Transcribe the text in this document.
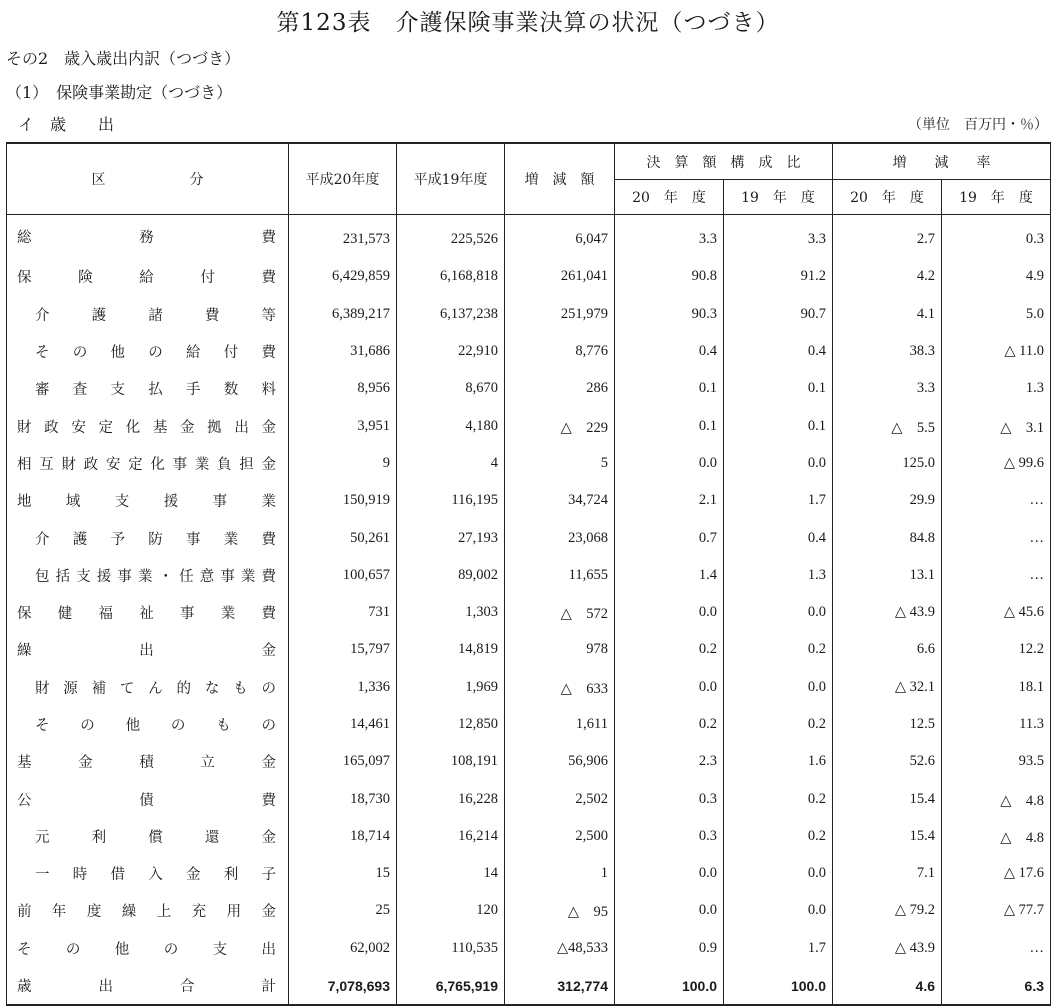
第123表　介護保険事業決算の状況（つづき）
その2　歳入歳出内訳（つづき）
（1）　保険事業勘定（つづき）
イ　歳　　出	（単位　百万円・％）
区　　　　　　分	平成20年度	平成19年度	増　減　額	決　算　額　構　成　比		増　　減　　率	
				20　年　度	19　年　度	20　年　度	19　年　度

総務費	231,573	225,526	6,047	3.3	3.3	2.7	0.3

保険給付費	6,429,859	6,168,818	261,041	90.8	91.2	4.2	4.9

介護諸費等	6,389,217	6,137,238	251,979	90.3	90.7	4.1	5.0

その他の給付費	31,686	22,910	8,776	0.4	0.4	38.3	△ 11.0

審査支払手数料	8,956	8,670	286	0.1	0.1	3.3	1.3

財政安定化基金拠出金	3,951	4,180	△　229	0.1	0.1	△　5.5	△　3.1

相互財政安定化事業負担金	9	4	5	0.0	0.0	125.0	△ 99.6

地域支援事業	150,919	116,195	34,724	2.1	1.7	29.9	…

介護予防事業費	50,261	27,193	23,068	0.7	0.4	84.8	…

包括支援事業・任意事業費	100,657	89,002	11,655	1.4	1.3	13.1	…

保健福祉事業費	731	1,303	△　572	0.0	0.0	△ 43.9	△ 45.6

繰出金	15,797	14,819	978	0.2	0.2	6.6	12.2

財源補てん的なもの	1,336	1,969	△　633	0.0	0.0	△ 32.1	18.1

その他のもの	14,461	12,850	1,611	0.2	0.2	12.5	11.3

基金積立金	165,097	108,191	56,906	2.3	1.6	52.6	93.5

公債費	18,730	16,228	2,502	0.3	0.2	15.4	△　4.8

元利償還金	18,714	16,214	2,500	0.3	0.2	15.4	△　4.8

一時借入金利子	15	14	1	0.0	0.0	7.1	△ 17.6

前年度繰上充用金	25	120	△　95	0.0	0.0	△ 79.2	△ 77.7

その他の支出	62,002	110,535	△48,533	0.9	1.7	△ 43.9	…

歳出合計	7,078,693	6,765,919	312,774	100.0	100.0	4.6	6.3
